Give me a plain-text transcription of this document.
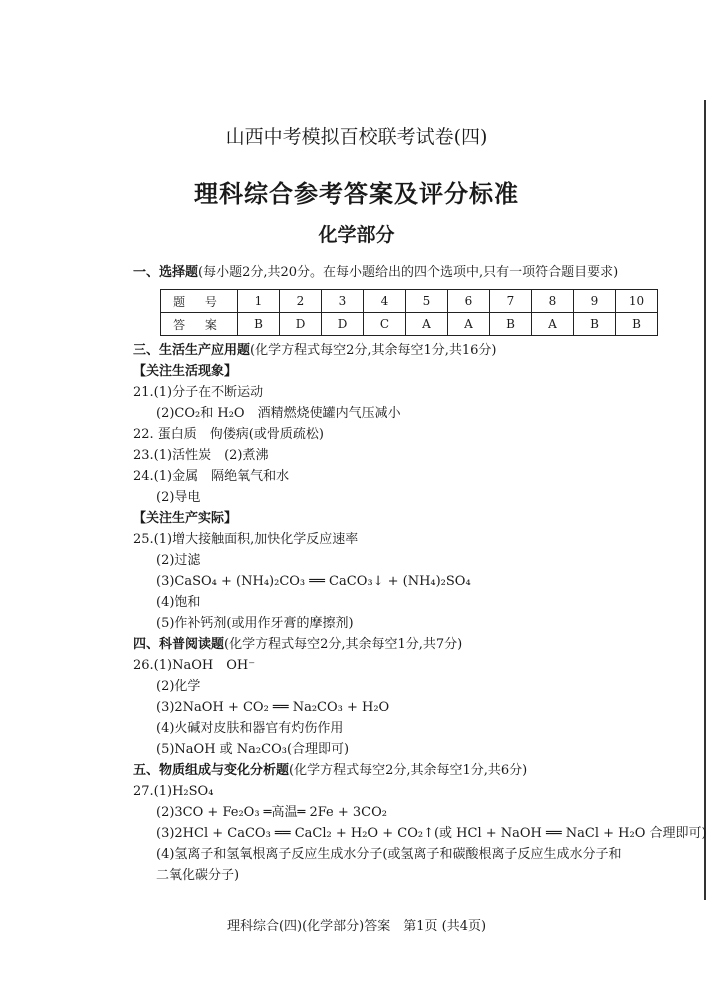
山西中考模拟百校联考试卷(四)
理科综合参考答案及评分标准
化学部分
一、选择题(每小题2分,共20分。在每小题给出的四个选项中,只有一项符合题目要求)
题 号	1	2	3	4	5	6	7	8	9	10
答 案	B	D	D	C	A	A	B	A	B	B
三、生活生产应用题(化学方程式每空2分,其余每空1分,共16分)
【关注生活现象】
21.(1)分子在不断运动
(2)CO₂和 H₂O　酒精燃烧使罐内气压减小
22. 蛋白质　佝偻病(或骨质疏松)
23.(1)活性炭　(2)煮沸
24.(1)金属　隔绝氧气和水
(2)导电
【关注生产实际】
25.(1)增大接触面积,加快化学反应速率
(2)过滤
(3)CaSO₄ + (NH₄)₂CO₃ ══ CaCO₃↓ + (NH₄)₂SO₄
(4)饱和
(5)作补钙剂(或用作牙膏的摩擦剂)
四、科普阅读题(化学方程式每空2分,其余每空1分,共7分)
26.(1)NaOH　OH⁻
(2)化学
(3)2NaOH + CO₂ ══ Na₂CO₃ + H₂O
(4)火碱对皮肤和器官有灼伤作用
(5)NaOH 或 Na₂CO₃(合理即可)
五、物质组成与变化分析题(化学方程式每空2分,其余每空1分,共6分)
27.(1)H₂SO₄
(2)3CO + Fe₂O₃ ═高温═ 2Fe + 3CO₂
(3)2HCl + CaCO₃ ══ CaCl₂ + H₂O + CO₂↑(或 HCl + NaOH ══ NaCl + H₂O 合理即可)
(4)氢离子和氢氧根离子反应生成水分子(或氢离子和碳酸根离子反应生成水分子和
二氧化碳分子)
理科综合(四)(化学部分)答案　第1页 (共4页)
